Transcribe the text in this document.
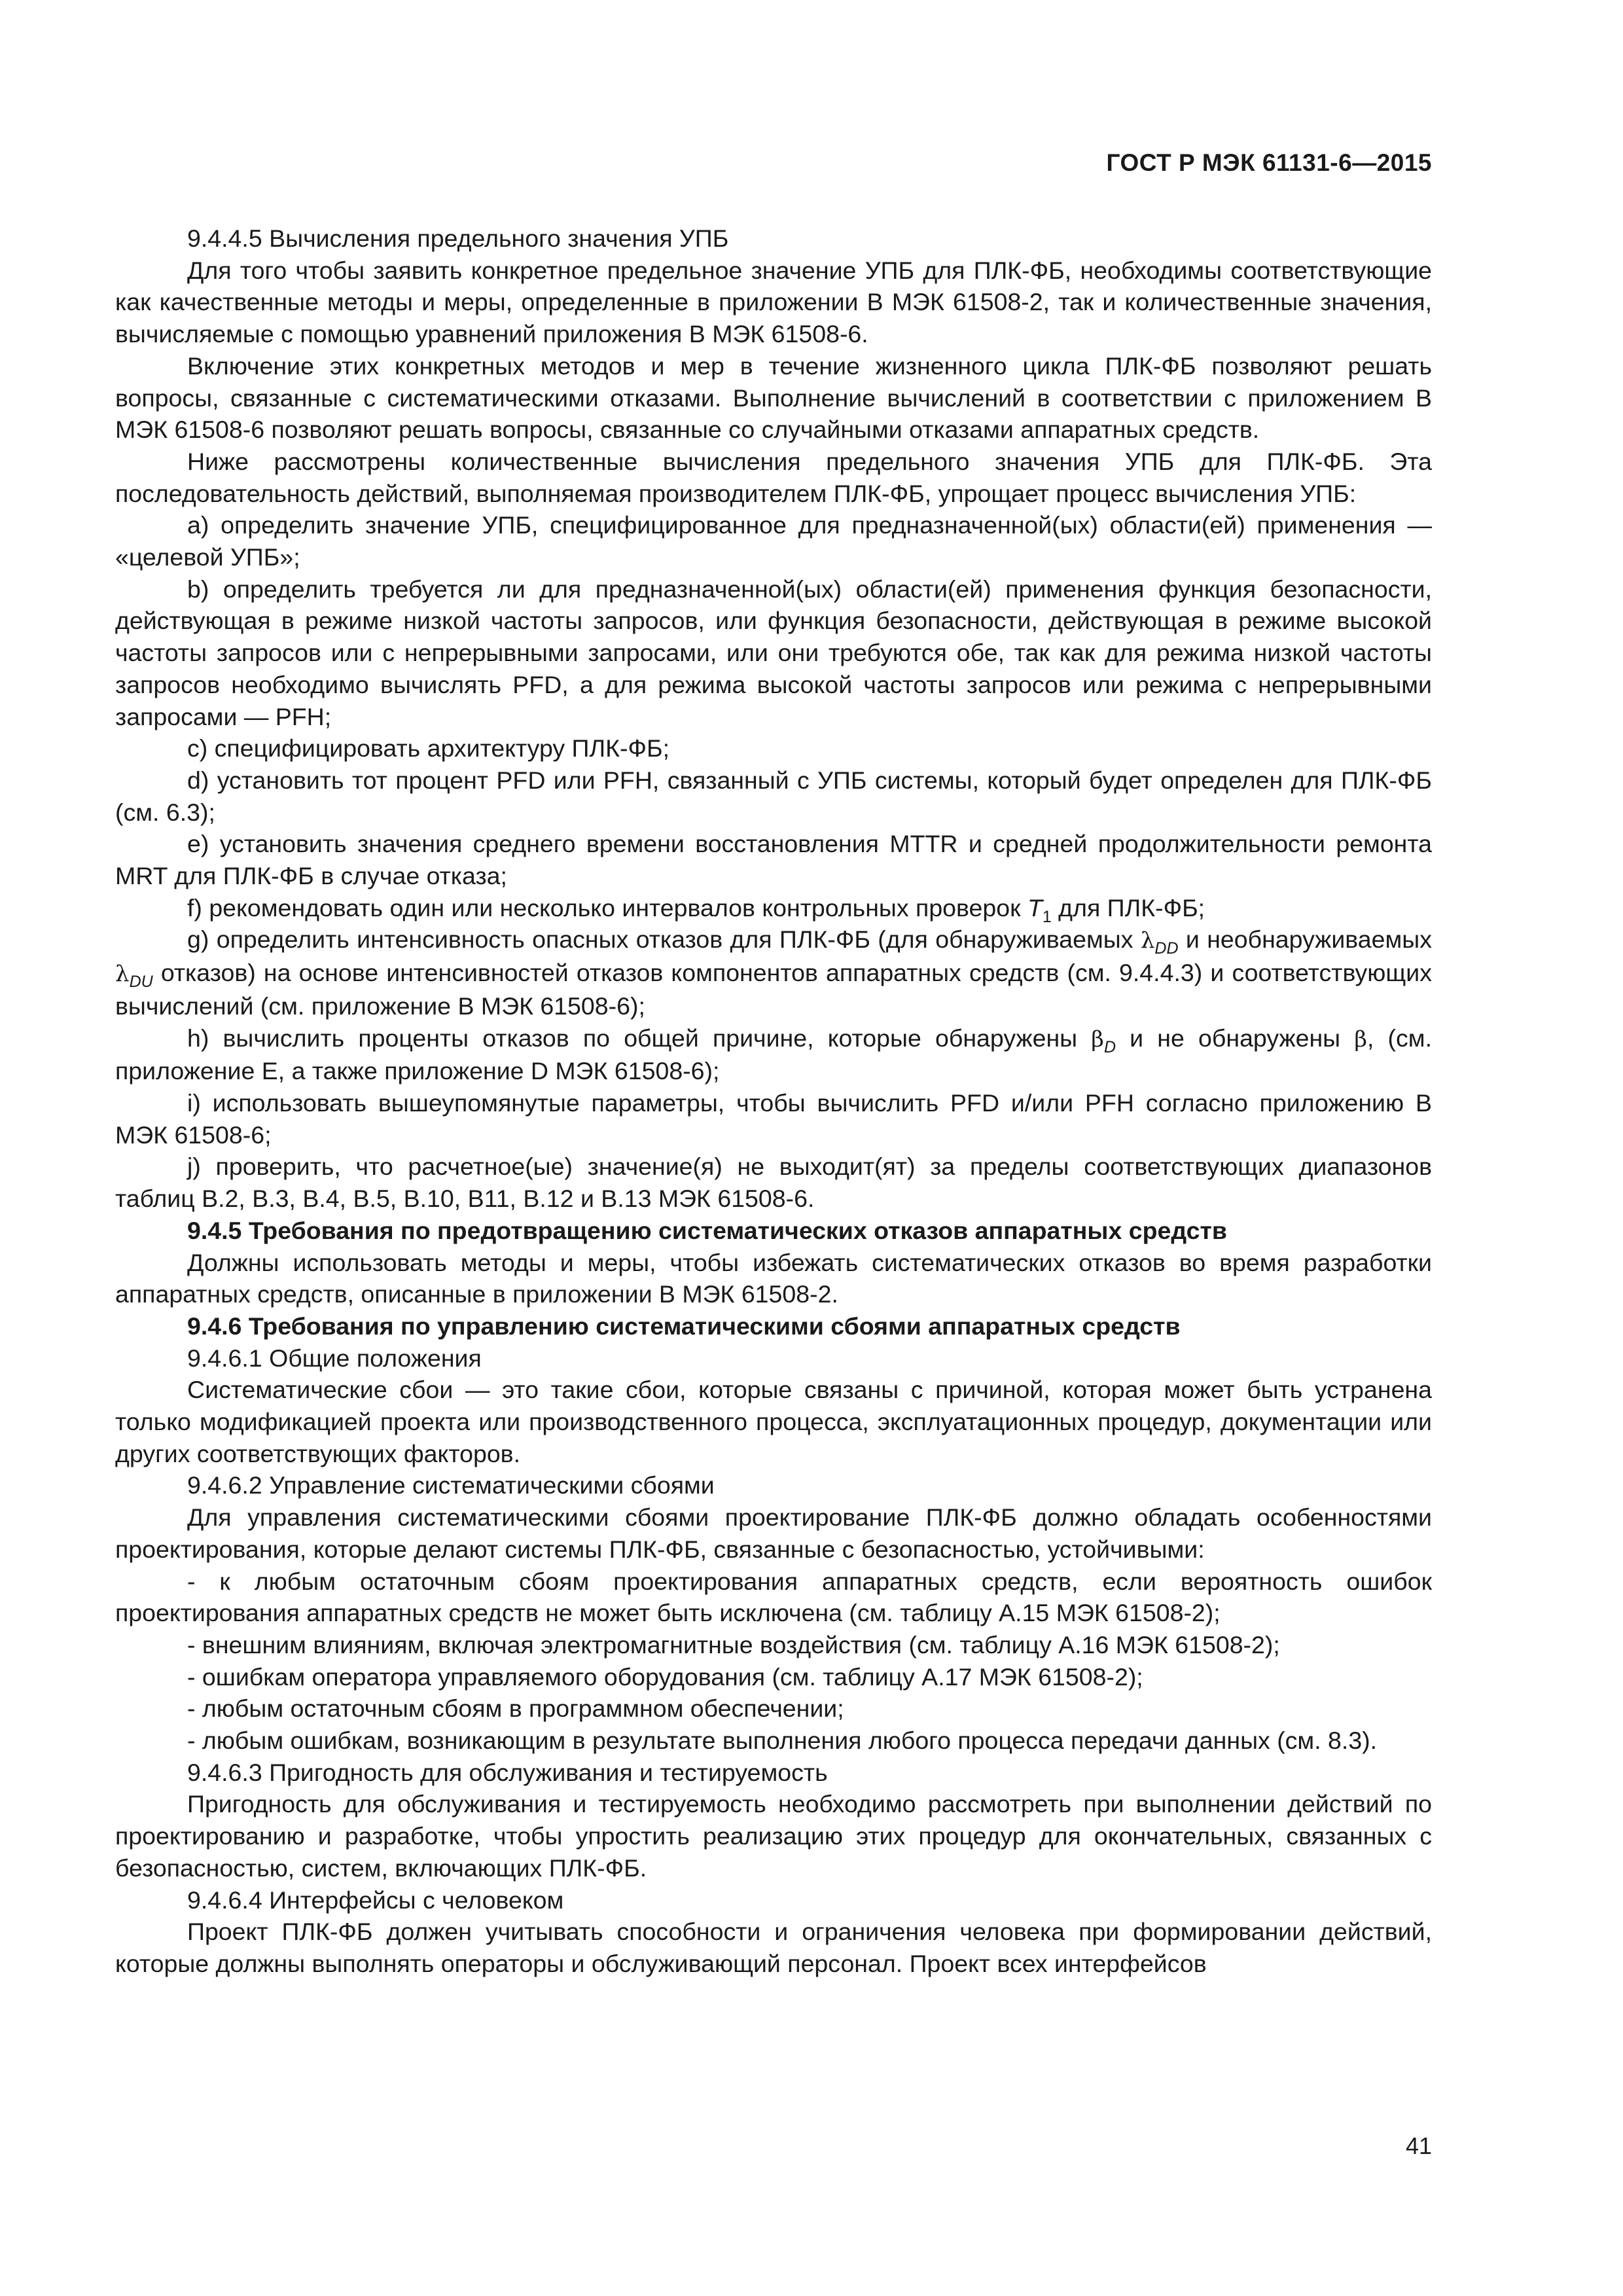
ГОСТ Р МЭК 61131-6—2015

9.4.4.5 Вычисления предельного значения УПБ

Для того чтобы заявить конкретное предельное значение УПБ для ПЛК-ФБ, необходимы соответствующие как качественные методы и меры, определенные в приложении В МЭК 61508-2, так и количественные значения, вычисляемые с помощью уравнений приложения В МЭК 61508-6.

Включение этих конкретных методов и мер в течение жизненного цикла ПЛК-ФБ позволяют решать вопросы, связанные с систематическими отказами. Выполнение вычислений в соответствии с приложением В МЭК 61508-6 позволяют решать вопросы, связанные со случайными отказами аппаратных средств.

Ниже рассмотрены количественные вычисления предельного значения УПБ для ПЛК-ФБ. Эта последовательность действий, выполняемая производителем ПЛК-ФБ, упрощает процесс вычисления УПБ:

a) определить значение УПБ, специфицированное для предназначенной(ых) области(ей) применения — «целевой УПБ»;

b) определить требуется ли для предназначенной(ых) области(ей) применения функция безопасности, действующая в режиме низкой частоты запросов, или функция безопасности, действующая в режиме высокой частоты запросов или с непрерывными запросами, или они требуются обе, так как для режима низкой частоты запросов необходимо вычислять PFD, а для режима высокой частоты запросов или режима с непрерывными запросами — PFH;

c) специфицировать архитектуру ПЛК-ФБ;

d) установить тот процент PFD или PFH, связанный с УПБ системы, который будет определен для ПЛК-ФБ (см. 6.3);

e) установить значения среднего времени восстановления MTTR и средней продолжительности ремонта MRT для ПЛК-ФБ в случае отказа;

f) рекомендовать один или несколько интервалов контрольных проверок $T_1$ для ПЛК-ФБ;

g) определить интенсивность опасных отказов для ПЛК-ФБ (для обнаруживаемых $\lambda_{DD}$ и необнаруживаемых $\lambda_{DU}$ отказов) на основе интенсивностей отказов компонентов аппаратных средств (см. 9.4.4.3) и соответствующих вычислений (см. приложение В МЭК 61508-6);

h) вычислить проценты отказов по общей причине, которые обнаружены $\beta_D$ и не обнаружены β, (см. приложение Е, а также приложение D МЭК 61508-6);

i) использовать вышеупомянутые параметры, чтобы вычислить PFD и/или PFH согласно приложению В МЭК 61508-6;

j) проверить, что расчетное(ые) значение(я) не выходит(ят) за пределы соответствующих диапазонов таблиц В.2, В.3, В.4, В.5, В.10, В11, В.12 и В.13 МЭК 61508-6.

9.4.5 Требования по предотвращению систематических отказов аппаратных средств

Должны использовать методы и меры, чтобы избежать систематических отказов во время разработки аппаратных средств, описанные в приложении В МЭК 61508-2.

9.4.6 Требования по управлению систематическими сбоями аппаратных средств

9.4.6.1 Общие положения

Систематические сбои — это такие сбои, которые связаны с причиной, которая может быть устранена только модификацией проекта или производственного процесса, эксплуатационных процедур, документации или других соответствующих факторов.

9.4.6.2 Управление систематическими сбоями

Для управления систематическими сбоями проектирование ПЛК-ФБ должно обладать особенностями проектирования, которые делают системы ПЛК-ФБ, связанные с безопасностью, устойчивыми:

- к любым остаточным сбоям проектирования аппаратных средств, если вероятность ошибок проектирования аппаратных средств не может быть исключена (см. таблицу А.15 МЭК 61508-2);

- внешним влияниям, включая электромагнитные воздействия (см. таблицу А.16 МЭК 61508-2);

- ошибкам оператора управляемого оборудования (см. таблицу А.17 МЭК 61508-2);

- любым остаточным сбоям в программном обеспечении;

- любым ошибкам, возникающим в результате выполнения любого процесса передачи данных (см. 8.3).

9.4.6.3 Пригодность для обслуживания и тестируемость

Пригодность для обслуживания и тестируемость необходимо рассмотреть при выполнении действий по проектированию и разработке, чтобы упростить реализацию этих процедур для окончательных, связанных с безопасностью, систем, включающих ПЛК-ФБ.

9.4.6.4 Интерфейсы с человеком

Проект ПЛК-ФБ должен учитывать способности и ограничения человека при формировании действий, которые должны выполнять операторы и обслуживающий персонал. Проект всех интерфейсов

41
